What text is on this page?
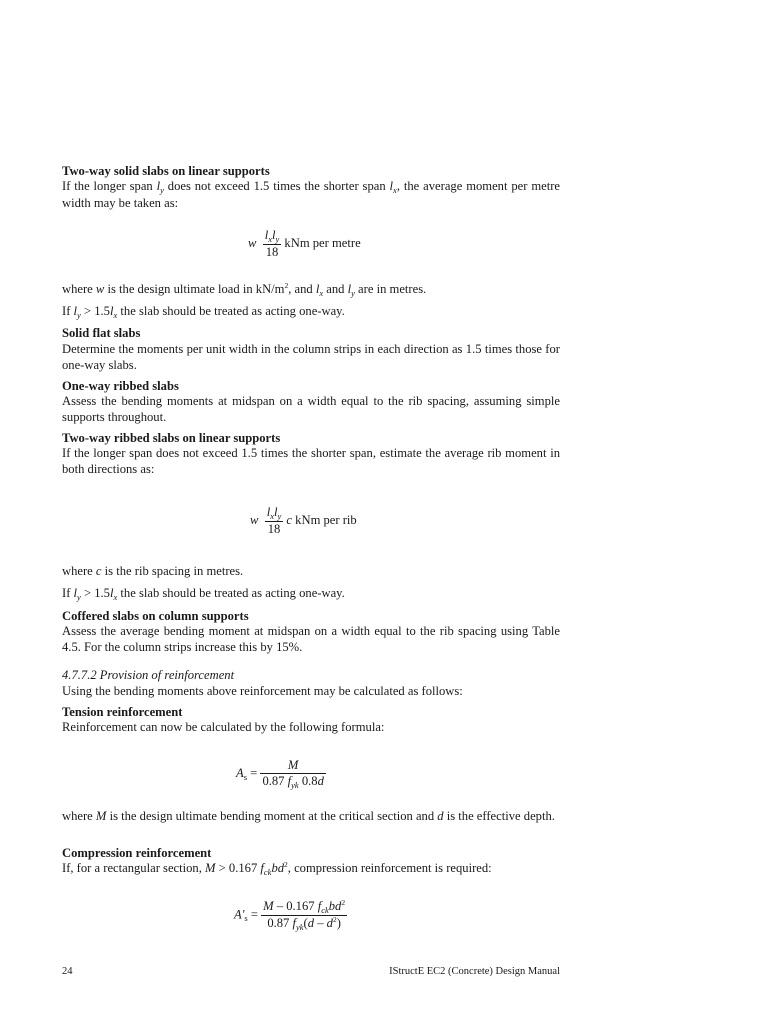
Two-way solid slabs on linear supports
If the longer span $l_y$ does not exceed 1.5 times the shorter span $l_x$, the average moment per metre width may be taken as:
w $\frac{l_xl_y}{18}$ kNm per metre
where w is the design ultimate load in $kN/m^2$, and $l_x$ and $l_y$ are in metres.
If $l_y > 1.5l_x$ the slab should be treated as acting one-way.
Solid flat slabs
Determine the moments per unit width in the column strips in each direction as 1.5 times those for one-way slabs.
One-way ribbed slabs
Assess the bending moments at midspan on a width equal to the rib spacing, assuming simple supports throughout.
Two-way ribbed slabs on linear supports
If the longer span does not exceed 1.5 times the shorter span, estimate the average rib moment in both directions as:
w $\frac{l_xl_y}{18}$ c kNm per rib
where c is the rib spacing in metres.
If $l_y > 1.5l_x$ the slab should be treated as acting one-way.
Coffered slabs on column supports
Assess the average bending moment at midspan on a width equal to the rib spacing using Table 4.5. For the column strips increase this by 15%.
4.7.7.2 Provision of reinforcement
Using the bending moments above reinforcement may be calculated as follows:
Tension reinforcement
Reinforcement can now be calculated by the following formula:
$A_s = \frac{M}{0.87 f_{yk} 0.8d}$
where M is the design ultimate bending moment at the critical section and d is the effective depth.
Compression reinforcement
If, for a rectangular section, M > 0.167 $f_{ck}bd^2$, compression reinforcement is required:
$A'_s = \frac{M - 0.167 f_{ck}bd^2}{0.87 f_{yk}(d - d^2)}$
24	IStructE EC2 (Concrete) Design Manual
